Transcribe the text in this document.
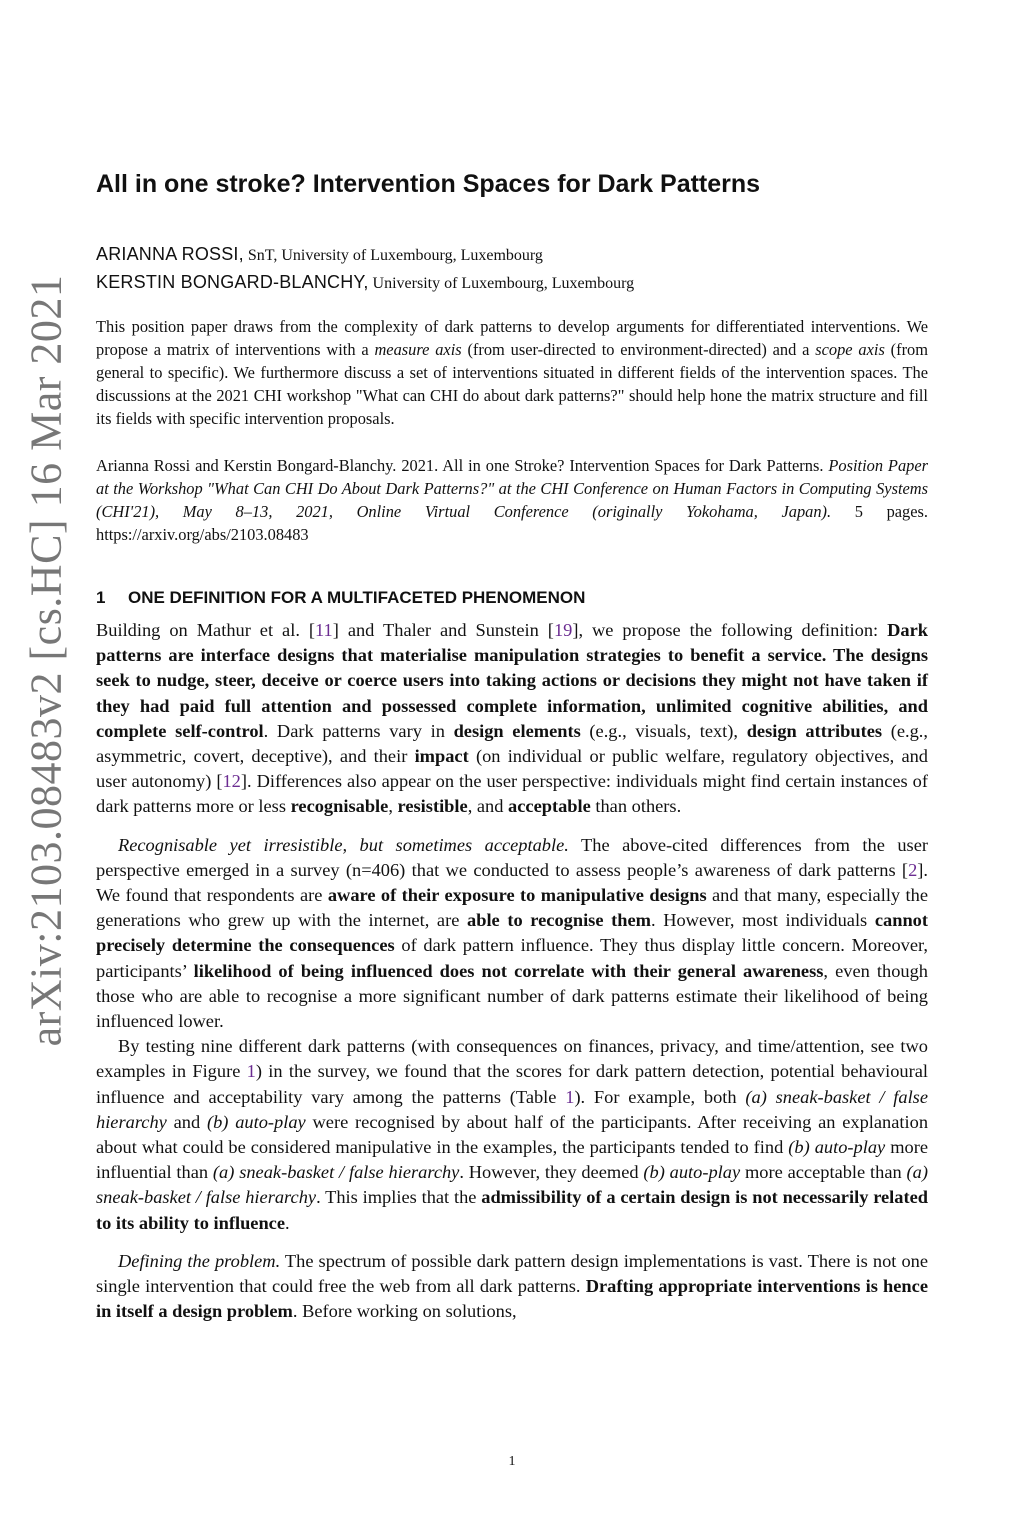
arXiv:2103.08483v2 [cs.HC] 16 Mar 2021
All in one stroke? Intervention Spaces for Dark Patterns
ARIANNA ROSSI, SnT, University of Luxembourg, Luxembourg
KERSTIN BONGARD-BLANCHY, University of Luxembourg, Luxembourg

This position paper draws from the complexity of dark patterns to develop arguments for differentiated interventions. We propose a matrix of interventions with a measure axis (from user-directed to environment-directed) and a scope axis (from general to specific). We furthermore discuss a set of interventions situated in different fields of the intervention spaces. The discussions at the 2021 CHI workshop "What can CHI do about dark patterns?" should help hone the matrix structure and fill its fields with specific intervention proposals.

Arianna Rossi and Kerstin Bongard-Blanchy. 2021. All in one Stroke? Intervention Spaces for Dark Patterns. Position Paper at the Workshop "What Can CHI Do About Dark Patterns?" at the CHI Conference on Human Factors in Computing Systems (CHI'21), May 8–13, 2021, Online Virtual Conference (originally Yokohama, Japan). 5 pages. https://arxiv.org/abs/2103.08483

1 ONE DEFINITION FOR A MULTIFACETED PHENOMENON

Building on Mathur et al. [11] and Thaler and Sunstein [19], we propose the following definition: Dark patterns are interface designs that materialise manipulation strategies to benefit a service. The designs seek to nudge, steer, deceive or coerce users into taking actions or decisions they might not have taken if they had paid full attention and possessed complete information, unlimited cognitive abilities, and complete self-control. Dark patterns vary in design elements (e.g., visuals, text), design attributes (e.g., asymmetric, covert, deceptive), and their impact (on individual or public welfare, regulatory objectives, and user autonomy) [12]. Differences also appear on the user perspective: individuals might find certain instances of dark patterns more or less recognisable, resistible, and acceptable than others.

Recognisable yet irresistible, but sometimes acceptable. The above-cited differences from the user perspective emerged in a survey (n=406) that we conducted to assess people’s awareness of dark patterns [2]. We found that respondents are aware of their exposure to manipulative designs and that many, especially the generations who grew up with the internet, are able to recognise them. However, most individuals cannot precisely determine the consequences of dark pattern influence. They thus display little concern. Moreover, participants’ likelihood of being influenced does not correlate with their general awareness, even though those who are able to recognise a more significant number of dark patterns estimate their likelihood of being influenced lower.

By testing nine different dark patterns (with consequences on finances, privacy, and time/attention, see two examples in Figure 1) in the survey, we found that the scores for dark pattern detection, potential behavioural influence and acceptability vary among the patterns (Table 1). For example, both (a) sneak-basket / false hierarchy and (b) auto-play were recognised by about half of the participants. After receiving an explanation about what could be considered manipulative in the examples, the participants tended to find (b) auto-play more influential than (a) sneak-basket / false hierarchy. However, they deemed (b) auto-play more acceptable than (a) sneak-basket / false hierarchy. This implies that the admissibility of a certain design is not necessarily related to its ability to influence.

Defining the problem. The spectrum of possible dark pattern design implementations is vast. There is not one single intervention that could free the web from all dark patterns. Drafting appropriate interventions is hence in itself a design problem. Before working on solutions,

1
